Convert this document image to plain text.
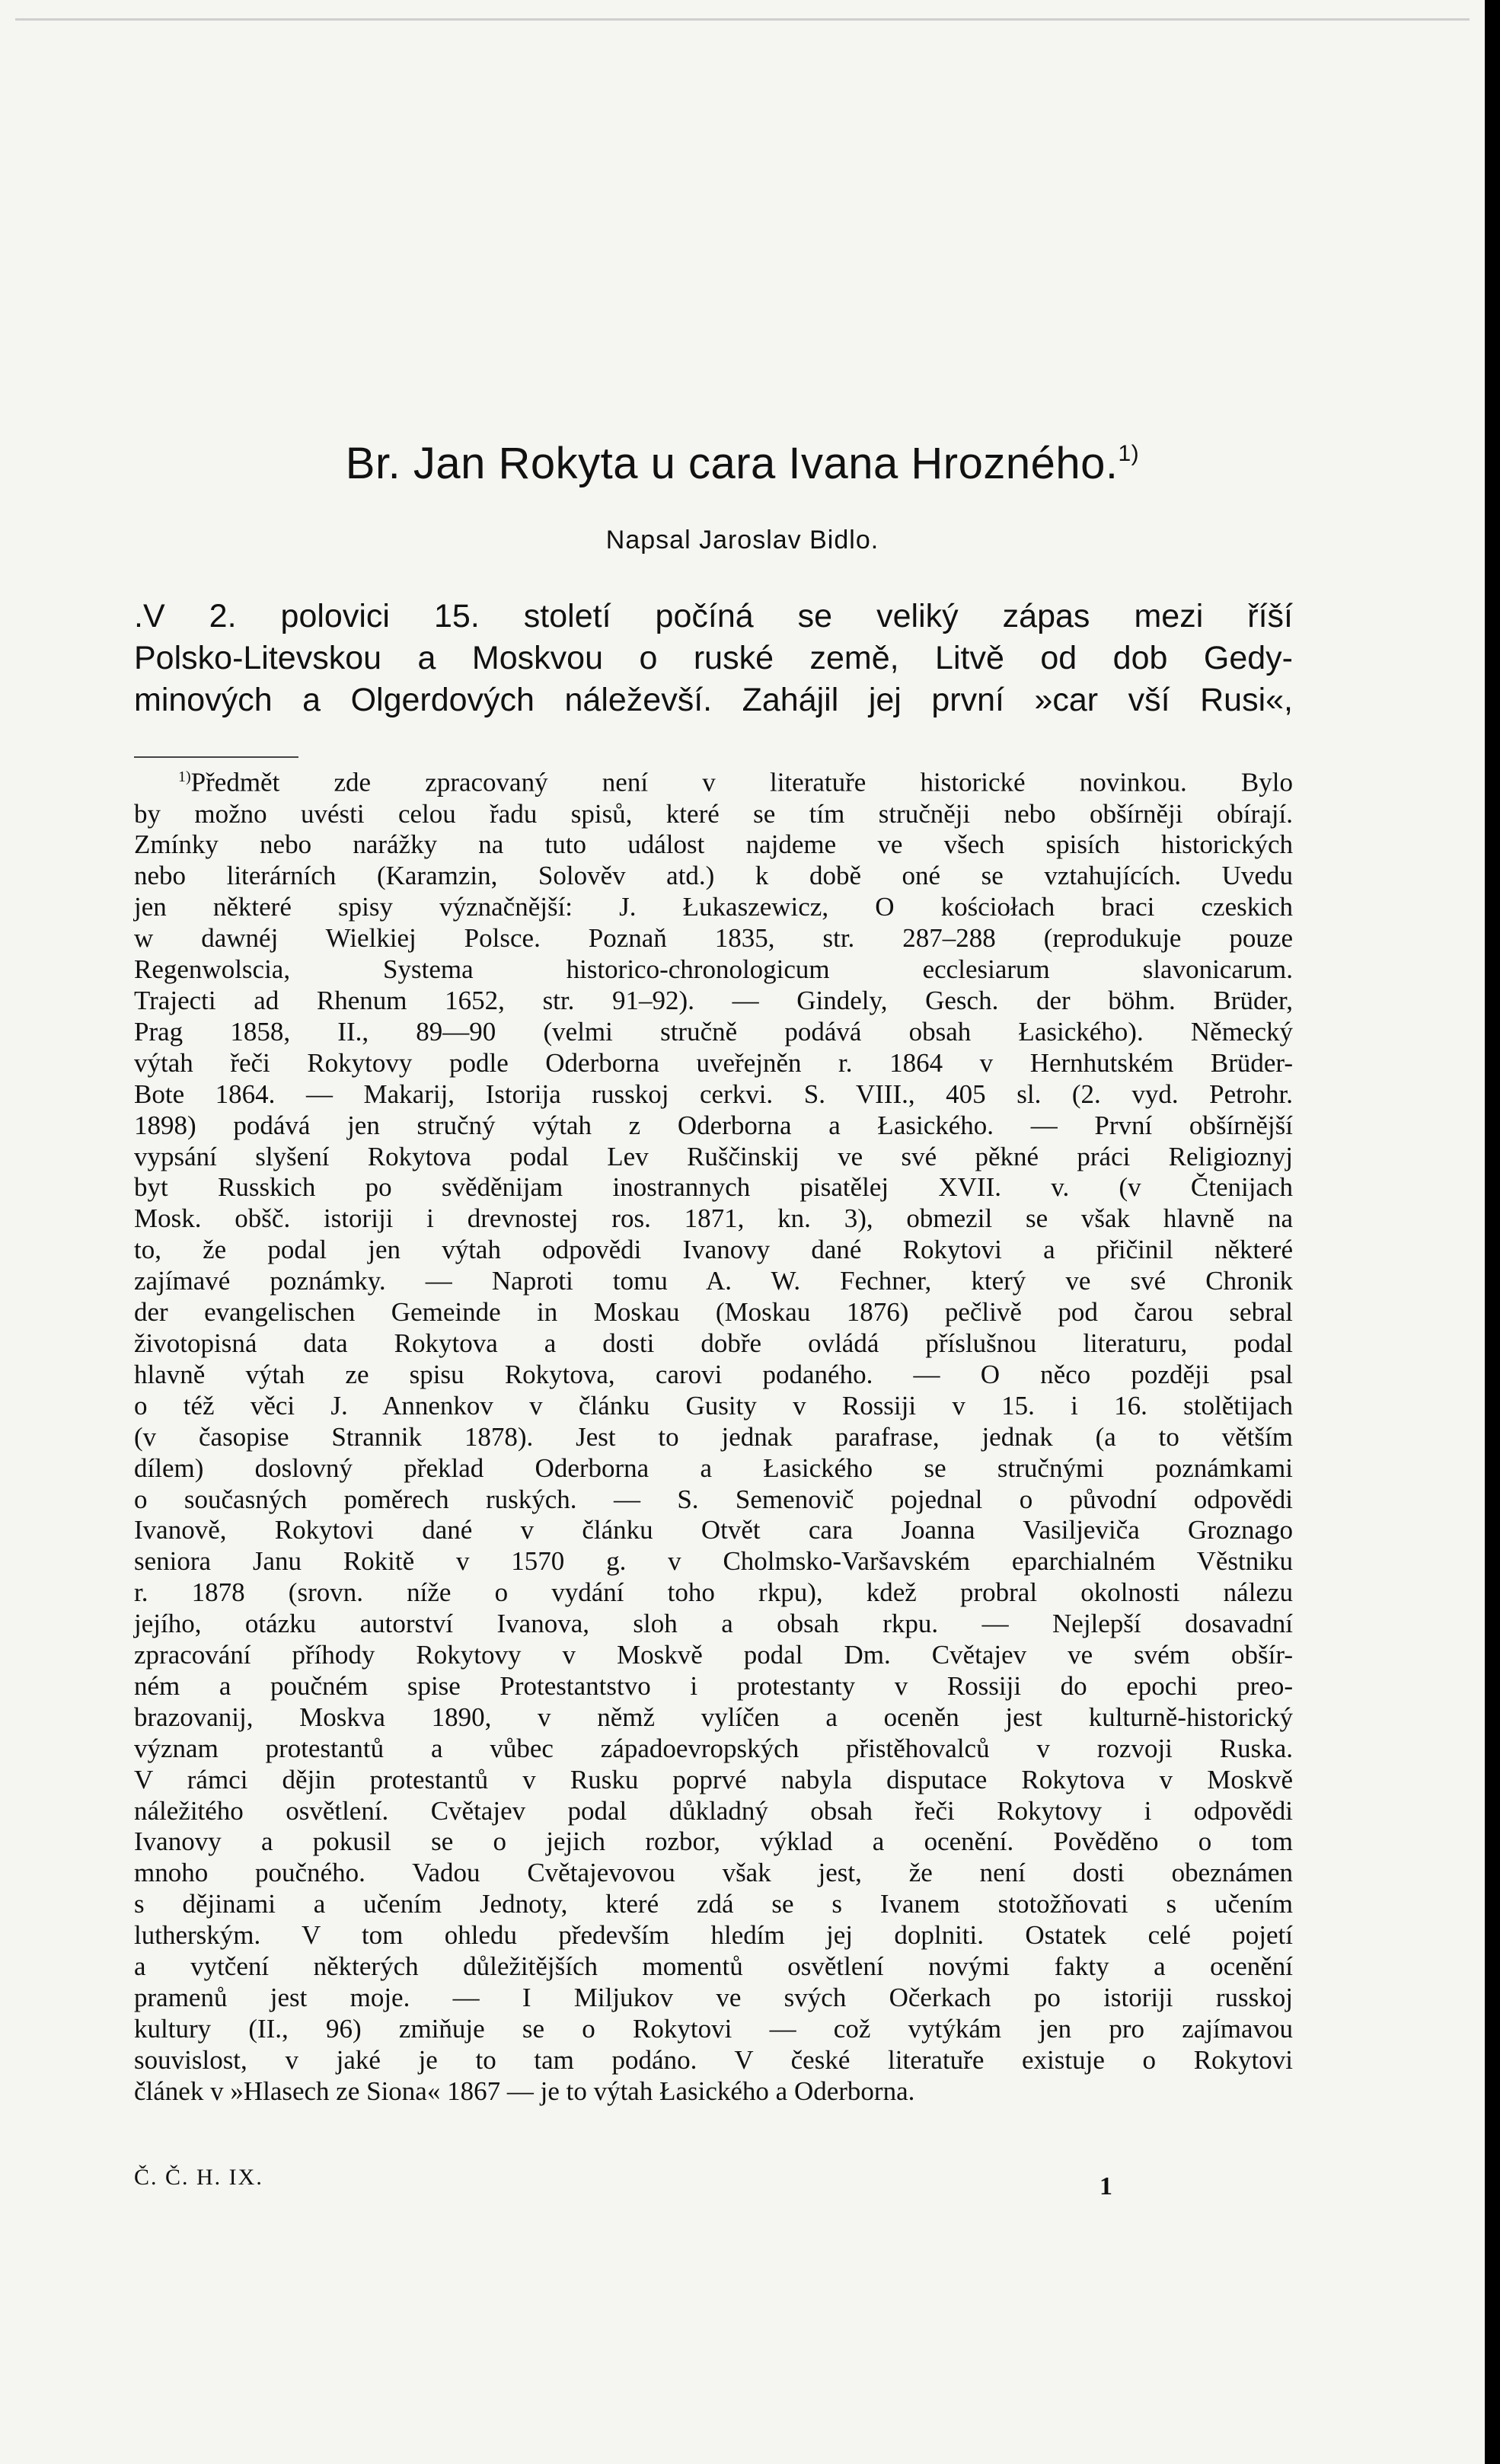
Br. Jan Rokyta u cara Ivana Hrozného.$^{1)}$
Napsal Jaroslav Bidlo.
.V 2. polovici 15. století počíná se veliký zápas mezi říší
Polsko-Litevskou a Moskvou o ruské země, Litvě od dob Gedy-
minových a Olgerdových náleževší. Zahájil jej první »car vší Rusi«,
$^{1)}$Předmět zde zpracovaný není v literatuře historické novinkou. Bylo
by možno uvésti celou řadu spisů, které se tím stručněji nebo obšírněji obírají.
Zmínky nebo narážky na tuto událost najdeme ve všech spisích historických
nebo literárních (Karamzin, Solověv atd.) k době oné se vztahujících. Uvedu
jen některé spisy význačnější: J. Łukaszewicz, O kościołach braci czeskich
w dawnéj Wielkiej Polsce. Poznaň 1835, str. 287–288 (reprodukuje pouze
Regenwolscia, Systema historico-chronologicum ecclesiarum slavonicarum.
Trajecti ad Rhenum 1652, str. 91–92). — Gindely, Gesch. der böhm. Brüder,
Prag 1858, II., 89—90 (velmi stručně podává obsah Łasického). Německý
výtah řeči Rokytovy podle Oderborna uveřejněn r. 1864 v Hernhutském Brüder-
Bote 1864. — Makarij, Istorija russkoj cerkvi. S. VIII., 405 sl. (2. vyd. Petrohr.
1898) podává jen stručný výtah z Oderborna a Łasického. — První obšírnější
vypsání slyšení Rokytova podal Lev Ruščinskij ve své pěkné práci Religioznyj
byt Russkich po svěděnijam inostrannych pisatělej XVII. v. (v Čtenijach
Mosk. obšč. istoriji i drevnostej ros. 1871, kn. 3), obmezil se však hlavně na
to, že podal jen výtah odpovědi Ivanovy dané Rokytovi a přičinil některé
zajímavé poznámky. — Naproti tomu A. W. Fechner, který ve své Chronik
der evangelischen Gemeinde in Moskau (Moskau 1876) pečlivě pod čarou sebral
životopisná data Rokytova a dosti dobře ovládá příslušnou literaturu, podal
hlavně výtah ze spisu Rokytova, carovi podaného. — O něco později psal
o též věci J. Annenkov v článku Gusity v Rossiji v 15. i 16. stolětijach
(v časopise Strannik 1878). Jest to jednak parafrase, jednak (a to větším
dílem) doslovný překlad Oderborna a Łasického se stručnými poznámkami
o současných poměrech ruských. — S. Semenovič pojednal o původní odpovědi
Ivanově, Rokytovi dané v článku Otvět cara Joanna Vasiljeviča Groznago
seniora Janu Rokitě v 1570 g. v Cholmsko-Varšavském eparchialném Věstniku
r. 1878 (srovn. níže o vydání toho rkpu), kdež probral okolnosti nálezu
jejího, otázku autorství Ivanova, sloh a obsah rkpu. — Nejlepší dosavadní
zpracování příhody Rokytovy v Moskvě podal Dm. Cvětajev ve svém obšír-
ném a poučném spise Protestantstvo i protestanty v Rossiji do epochi preo-
brazovanij, Moskva 1890, v němž vylíčen a oceněn jest kulturně-historický
význam protestantů a vůbec západoevropských přistěhovalců v rozvoji Ruska.
V rámci dějin protestantů v Rusku poprvé nabyla disputace Rokytova v Moskvě
náležitého osvětlení. Cvětajev podal důkladný obsah řeči Rokytovy i odpovědi
Ivanovy a pokusil se o jejich rozbor, výklad a ocenění. Pověděno o tom
mnoho poučného. Vadou Cvětajevovou však jest, že není dosti obeznámen
s dějinami a učením Jednoty, které zdá se s Ivanem stotožňovati s učením
lutherským. V tom ohledu především hledím jej doplniti. Ostatek celé pojetí
a vytčení některých důležitějších momentů osvětlení novými fakty a ocenění
pramenů jest moje. — I Miljukov ve svých Očerkach po istoriji russkoj
kultury (II., 96) zmiňuje se o Rokytovi — což vytýkám jen pro zajímavou
souvislost, v jaké je to tam podáno. V české literatuře existuje o Rokytovi
článek v »Hlasech ze Siona« 1867 — je to výtah Łasického a Oderborna.
Č. Č. H. IX.	1
